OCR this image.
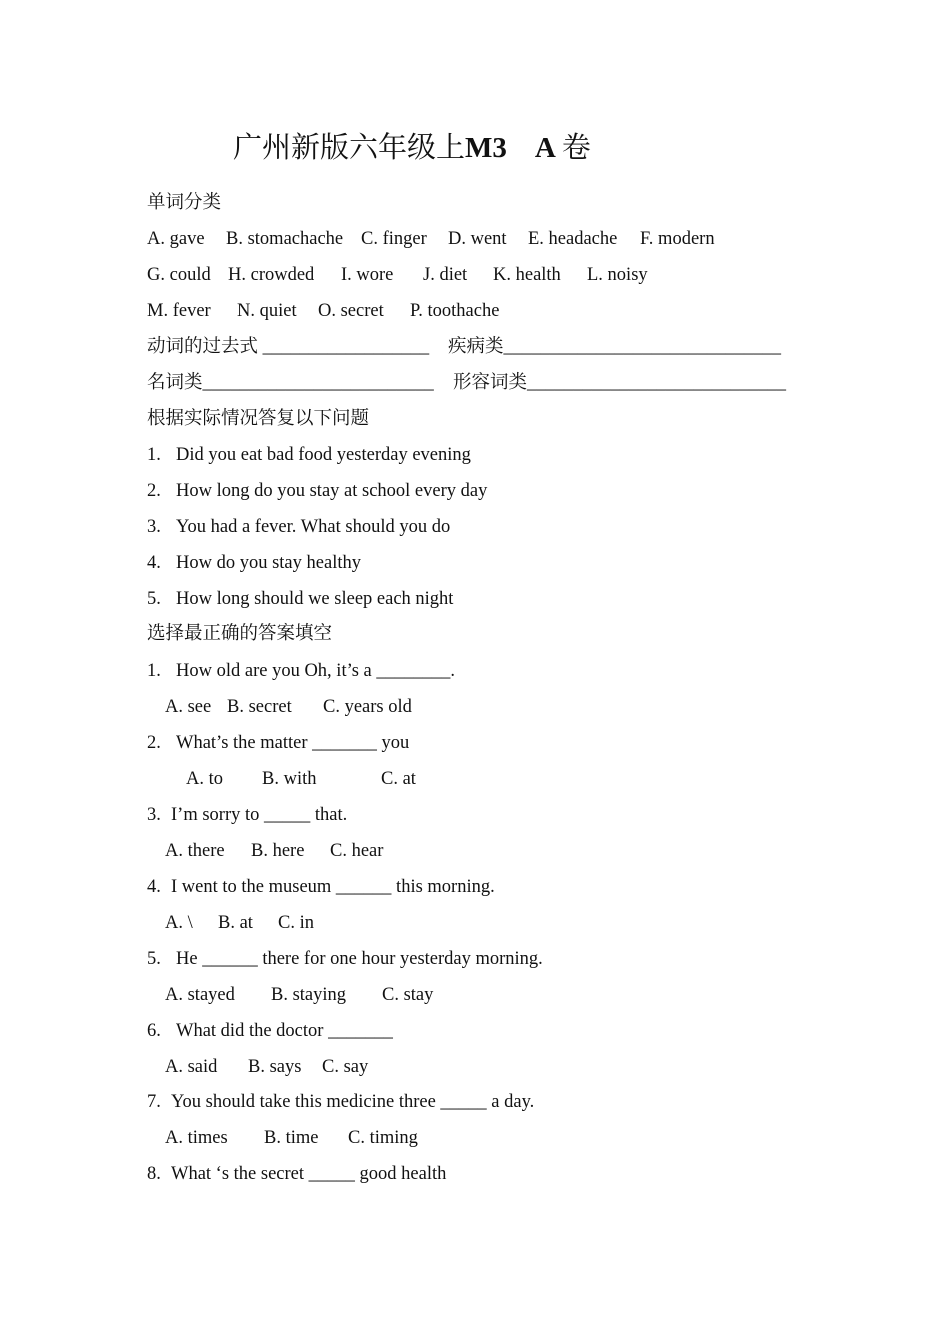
广州新版六年级上M3 A 卷
单词分类
A. gave B. stomachache C. finger D. went E. headache F. modern
G. could H. crowded I. wore J. diet K. health L. noisy
M. fever N. quiet O. secret P. toothache
动词的过去式 __________________ 疾病类______________________________
名词类_________________________ 形容词类____________________________
根据实际情况答复以下问题
1. Did you eat bad food yesterday evening
2. How long do you stay at school every day
3. You had a fever. What should you do
4. How do you stay healthy
5. How long should we sleep each night
选择最正确的答案填空
1. How old are you Oh, it’s a ________.
A. see B. secret C. years old
2. What’s the matter _______ you
A. to B. with	C. at
3. I’m sorry to _____ that.
A. there B. here C. hear
4. I went to the museum ______ this morning.
A. \ B. at C. in
5. He ______ there for one hour yesterday morning.
A. stayed B. staying C. stay
6. What did the doctor _______
A. said B. says C. say
7. You should take this medicine three _____ a day.
A. times B. time C. timing
8. What ‘s the secret _____ good health
